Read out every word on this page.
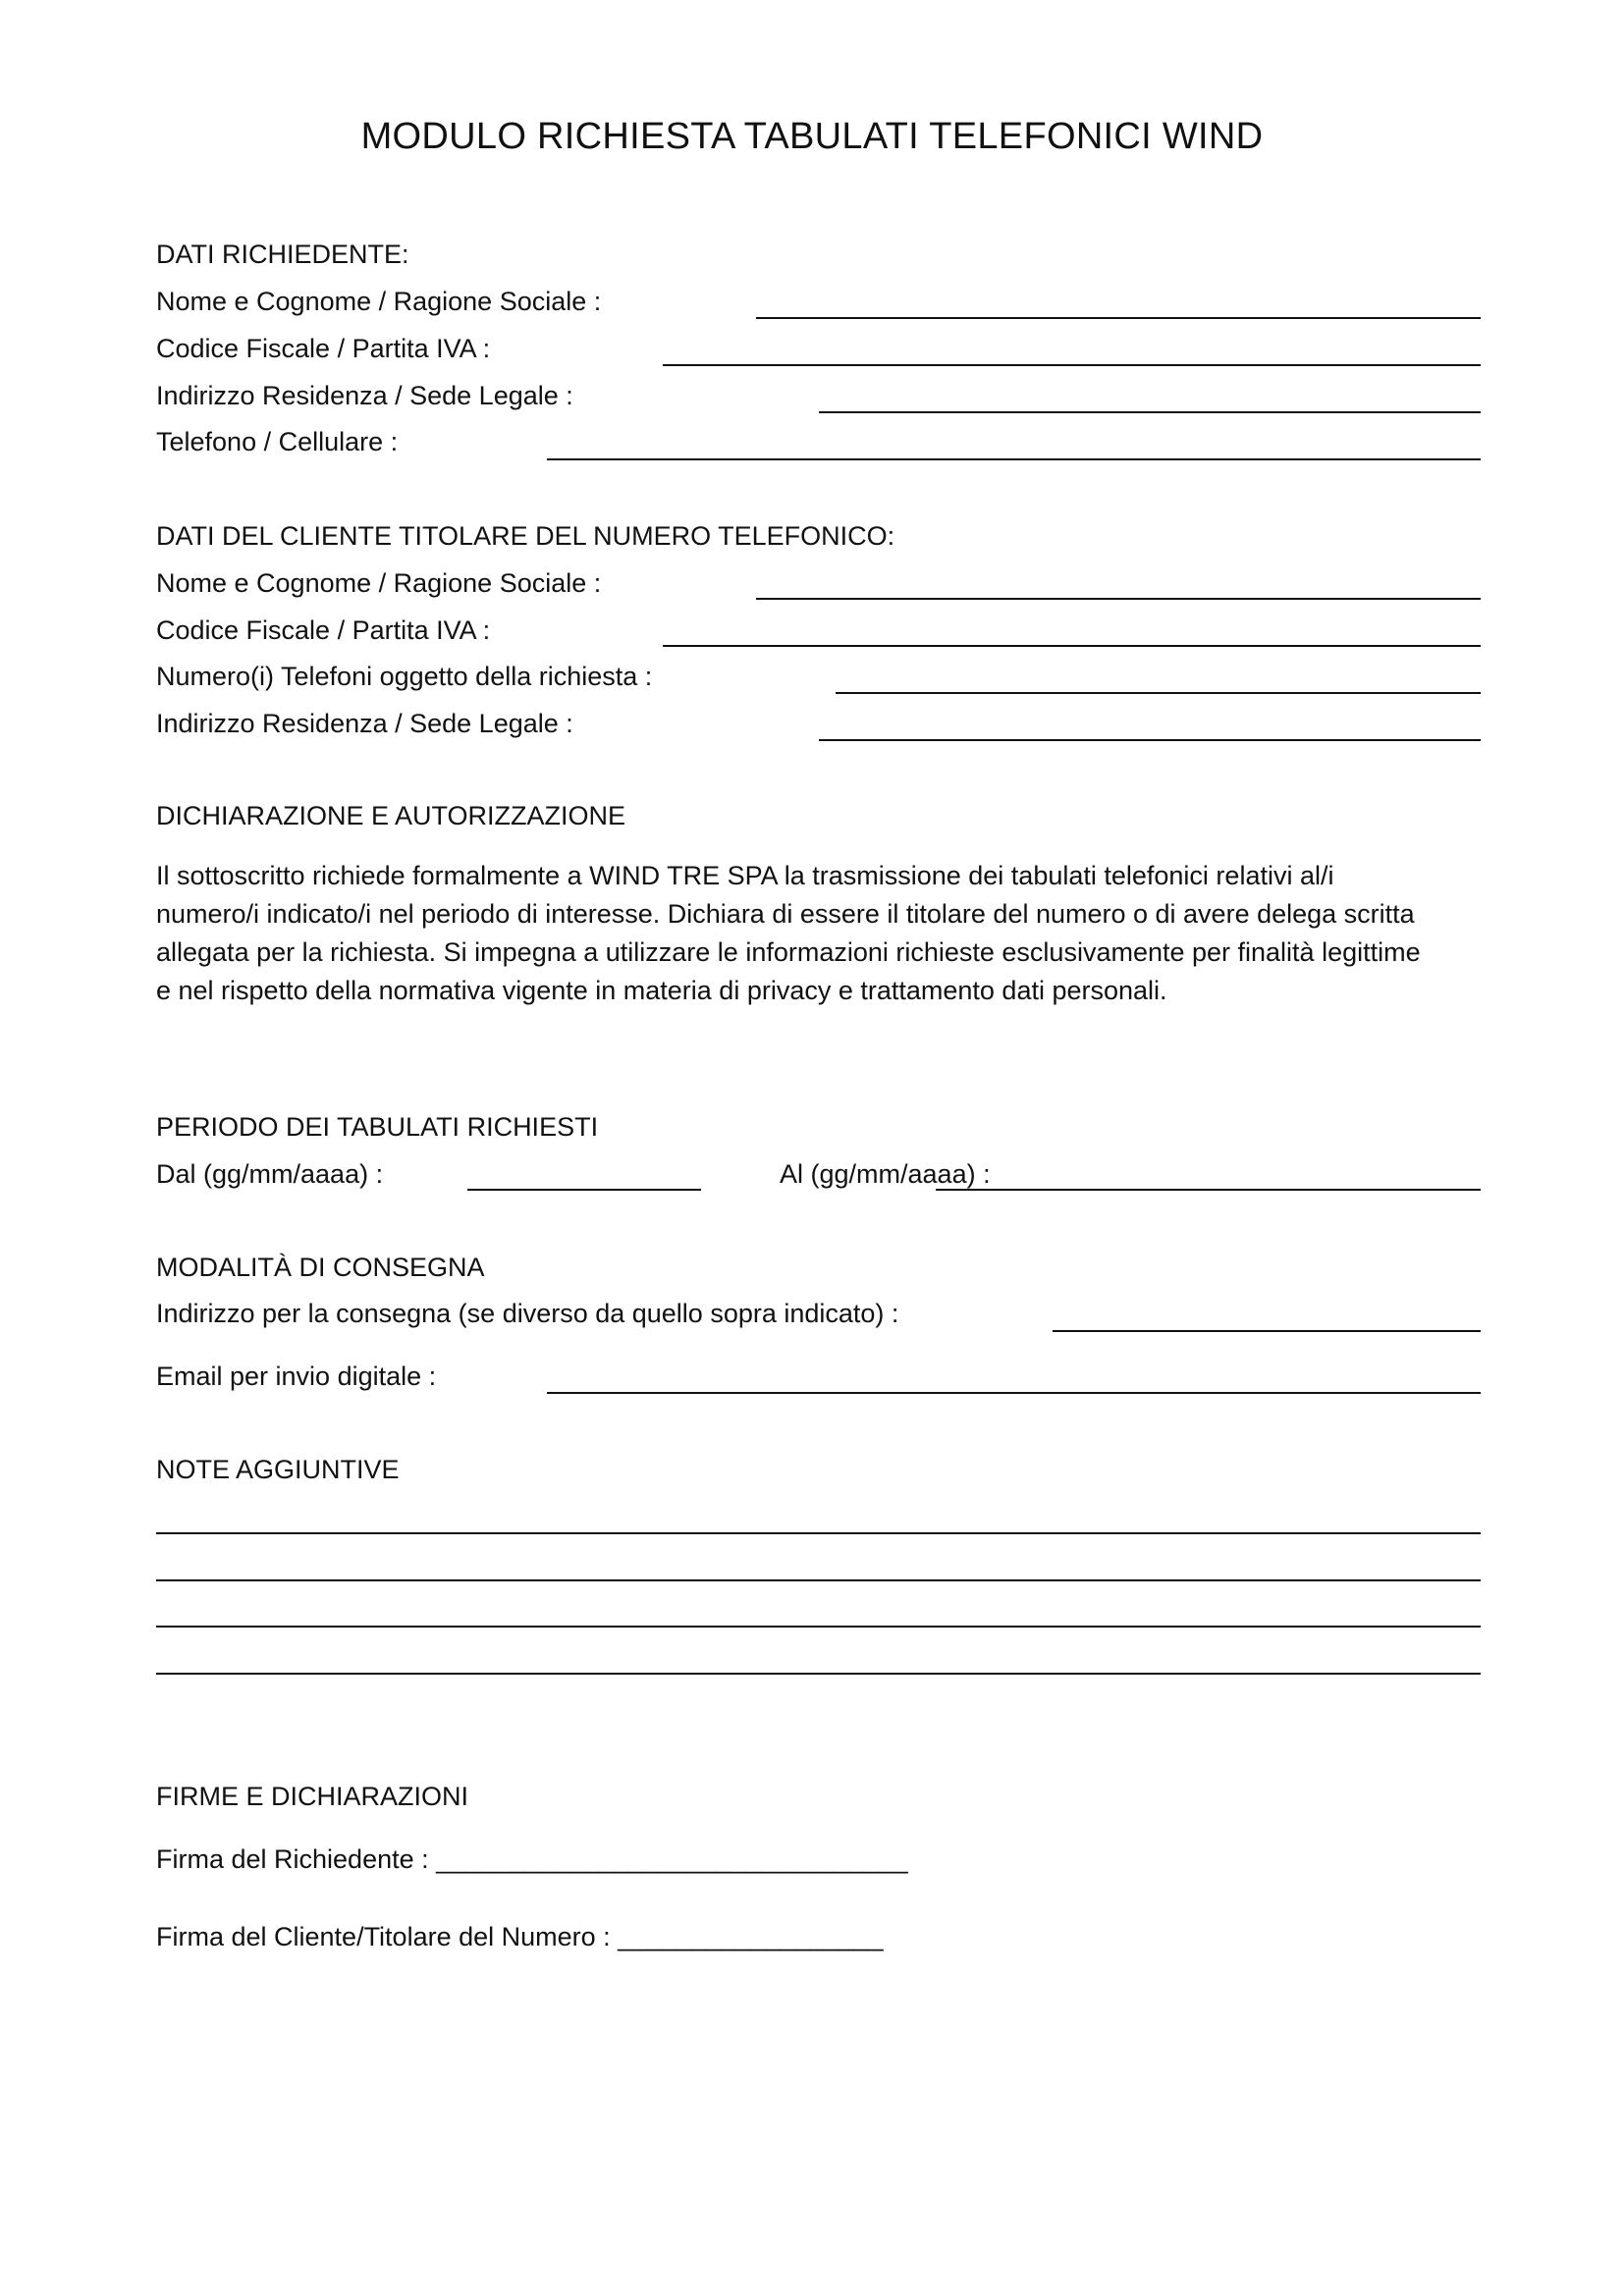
MODULO RICHIESTA TABULATI TELEFONICI WIND
DATI RICHIEDENTE:
Nome e Cognome / Ragione Sociale :
Codice Fiscale / Partita IVA :
Indirizzo Residenza / Sede Legale :
Telefono / Cellulare :
DATI DEL CLIENTE TITOLARE DEL NUMERO TELEFONICO:
Nome e Cognome / Ragione Sociale :
Codice Fiscale / Partita IVA :
Numero(i) Telefoni oggetto della richiesta :
Indirizzo Residenza / Sede Legale :
DICHIARAZIONE E AUTORIZZAZIONE
Il sottoscritto richiede formalmente a WIND TRE SPA la trasmissione dei tabulati telefonici relativi al/i
numero/i indicato/i nel periodo di interesse. Dichiara di essere il titolare del numero o di avere delega scritta
allegata per la richiesta. Si impegna a utilizzare le informazioni richieste esclusivamente per finalità legittime
e nel rispetto della normativa vigente in materia di privacy e trattamento dati personali.
PERIODO DEI TABULATI RICHIESTI
Dal (gg/mm/aaaa) :	Al (gg/mm/aaaa) :
MODALITÀ DI CONSEGNA
Indirizzo per la consegna (se diverso da quello sopra indicato) :
Email per invio digitale :
NOTE AGGIUNTIVE
FIRME E DICHIARAZIONI
Firma del Richiedente : ________________________________
Firma del Cliente/Titolare del Numero : __________________
